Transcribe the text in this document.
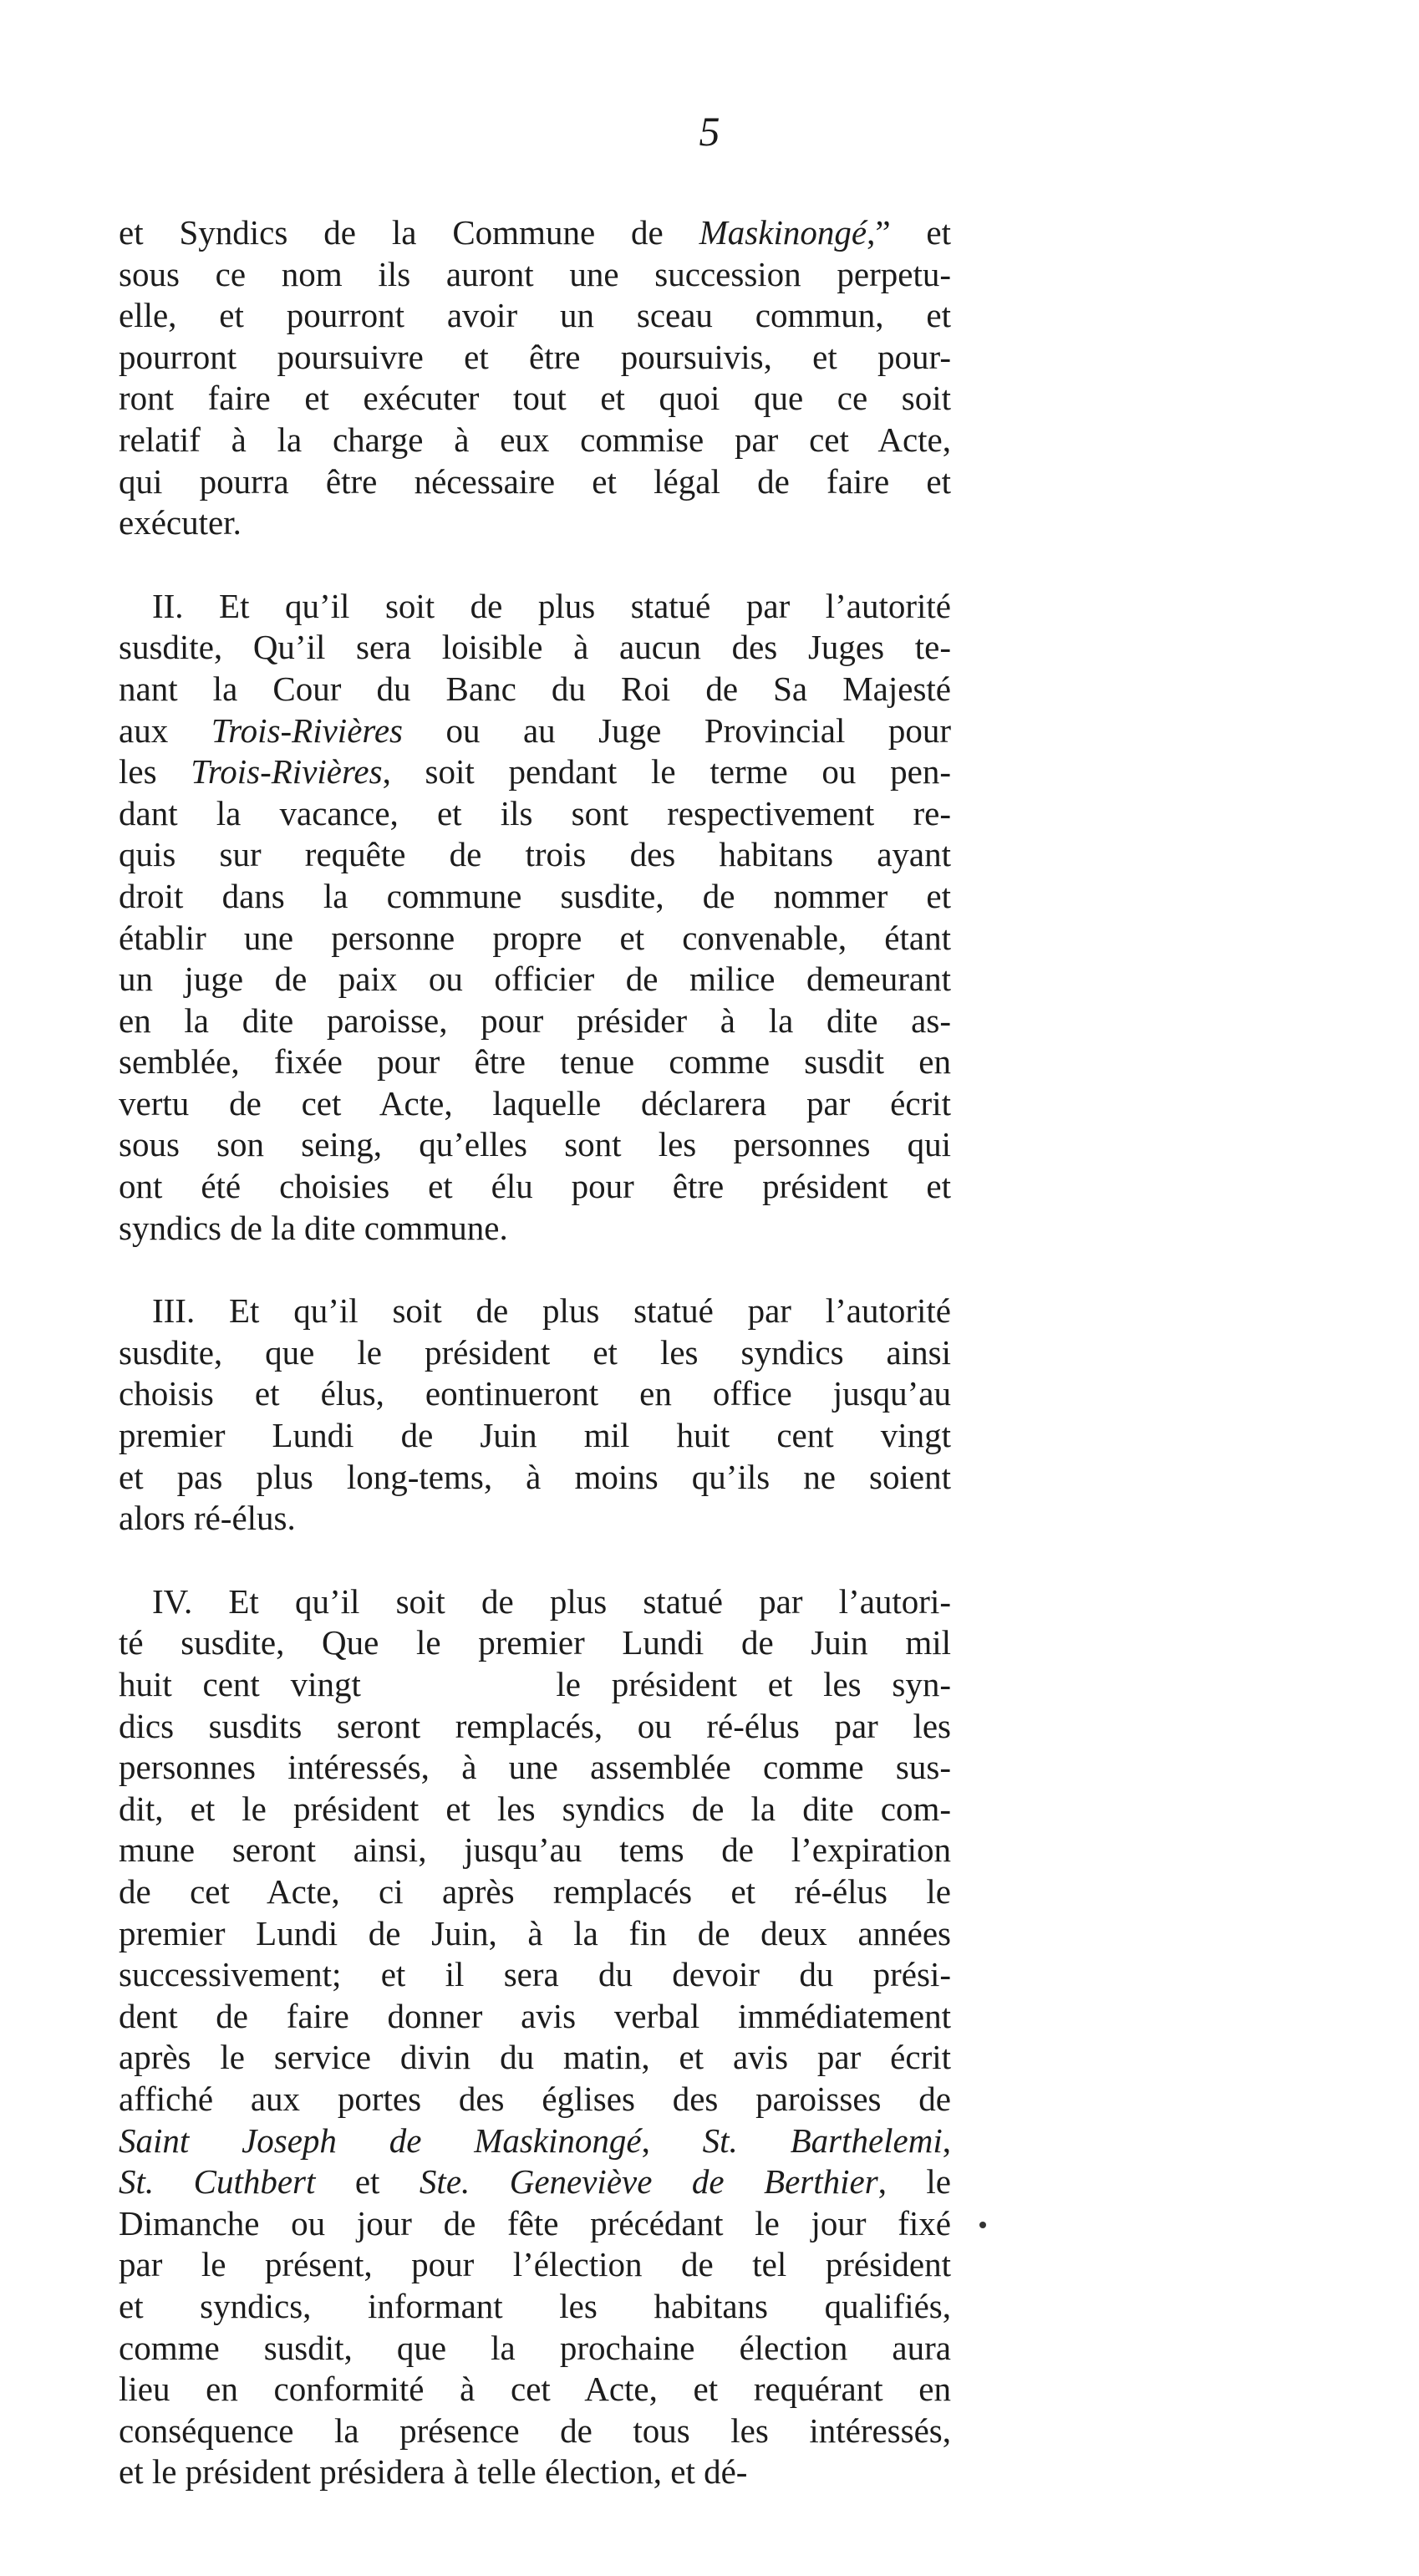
5
et Syndics de la Commune de Maskinongé,” et
sous ce nom ils auront une succession perpetu-
elle, et pourront avoir un sceau commun, et
pourront poursuivre et être poursuivis, et pour-
ront faire et exécuter tout et quoi que ce soit
relatif à la charge à eux commise par cet Acte,
qui pourra être nécessaire et légal de faire et
exécuter.
II. Et qu’il soit de plus statué par l’autorité
susdite, Qu’il sera loisible à aucun des Juges te-
nant la Cour du Banc du Roi de Sa Majesté
aux Trois-Rivières ou au Juge Provincial pour
les Trois-Rivières, soit pendant le terme ou pen-
dant la vacance, et ils sont respectivement re-
quis sur requête de trois des habitans ayant
droit dans la commune susdite, de nommer et
établir une personne propre et convenable, étant
un juge de paix ou officier de milice demeurant
en la dite paroisse, pour présider à la dite as-
semblée, fixée pour être tenue comme susdit en
vertu de cet Acte, laquelle déclarera par écrit
sous son seing, qu’elles sont les personnes qui
ont été choisies et élu pour être président et
syndics de la dite commune.
III. Et qu’il soit de plus statué par l’autorité
susdite, que le président et les syndics ainsi
choisis et élus, eontinueront en office jusqu’au
premier Lundi de Juin mil huit cent vingt
et pas plus long-tems, à moins qu’ils ne soient
alors ré-élus.
IV. Et qu’il soit de plus statué par l’autori-
té susdite, Que le premier Lundi de Juin mil
huit cent vingt	le président et les syn-
dics susdits seront remplacés, ou ré-élus par les
personnes intéressés, à une assemblée comme sus-
dit, et le président et les syndics de la dite com-
mune seront ainsi, jusqu’au tems de l’expiration
de cet Acte, ci après remplacés et ré-élus le
premier Lundi de Juin, à la fin de deux années
successivement; et il sera du devoir du prési-
dent de faire donner avis verbal immédiatement
après le service divin du matin, et avis par écrit
affiché aux portes des églises des paroisses de
Saint Joseph de Maskinongé, St. Barthelemi,
St. Cuthbert et Ste. Geneviève de Berthier, le
Dimanche ou jour de fête précédant le jour fixé
par le présent, pour l’élection de tel président
et syndics, informant les habitans qualifiés,
comme susdit, que la prochaine élection aura
lieu en conformité à cet Acte, et requérant en
conséquence la présence de tous les intéressés,
et le président présidera à telle élection, et dé-
